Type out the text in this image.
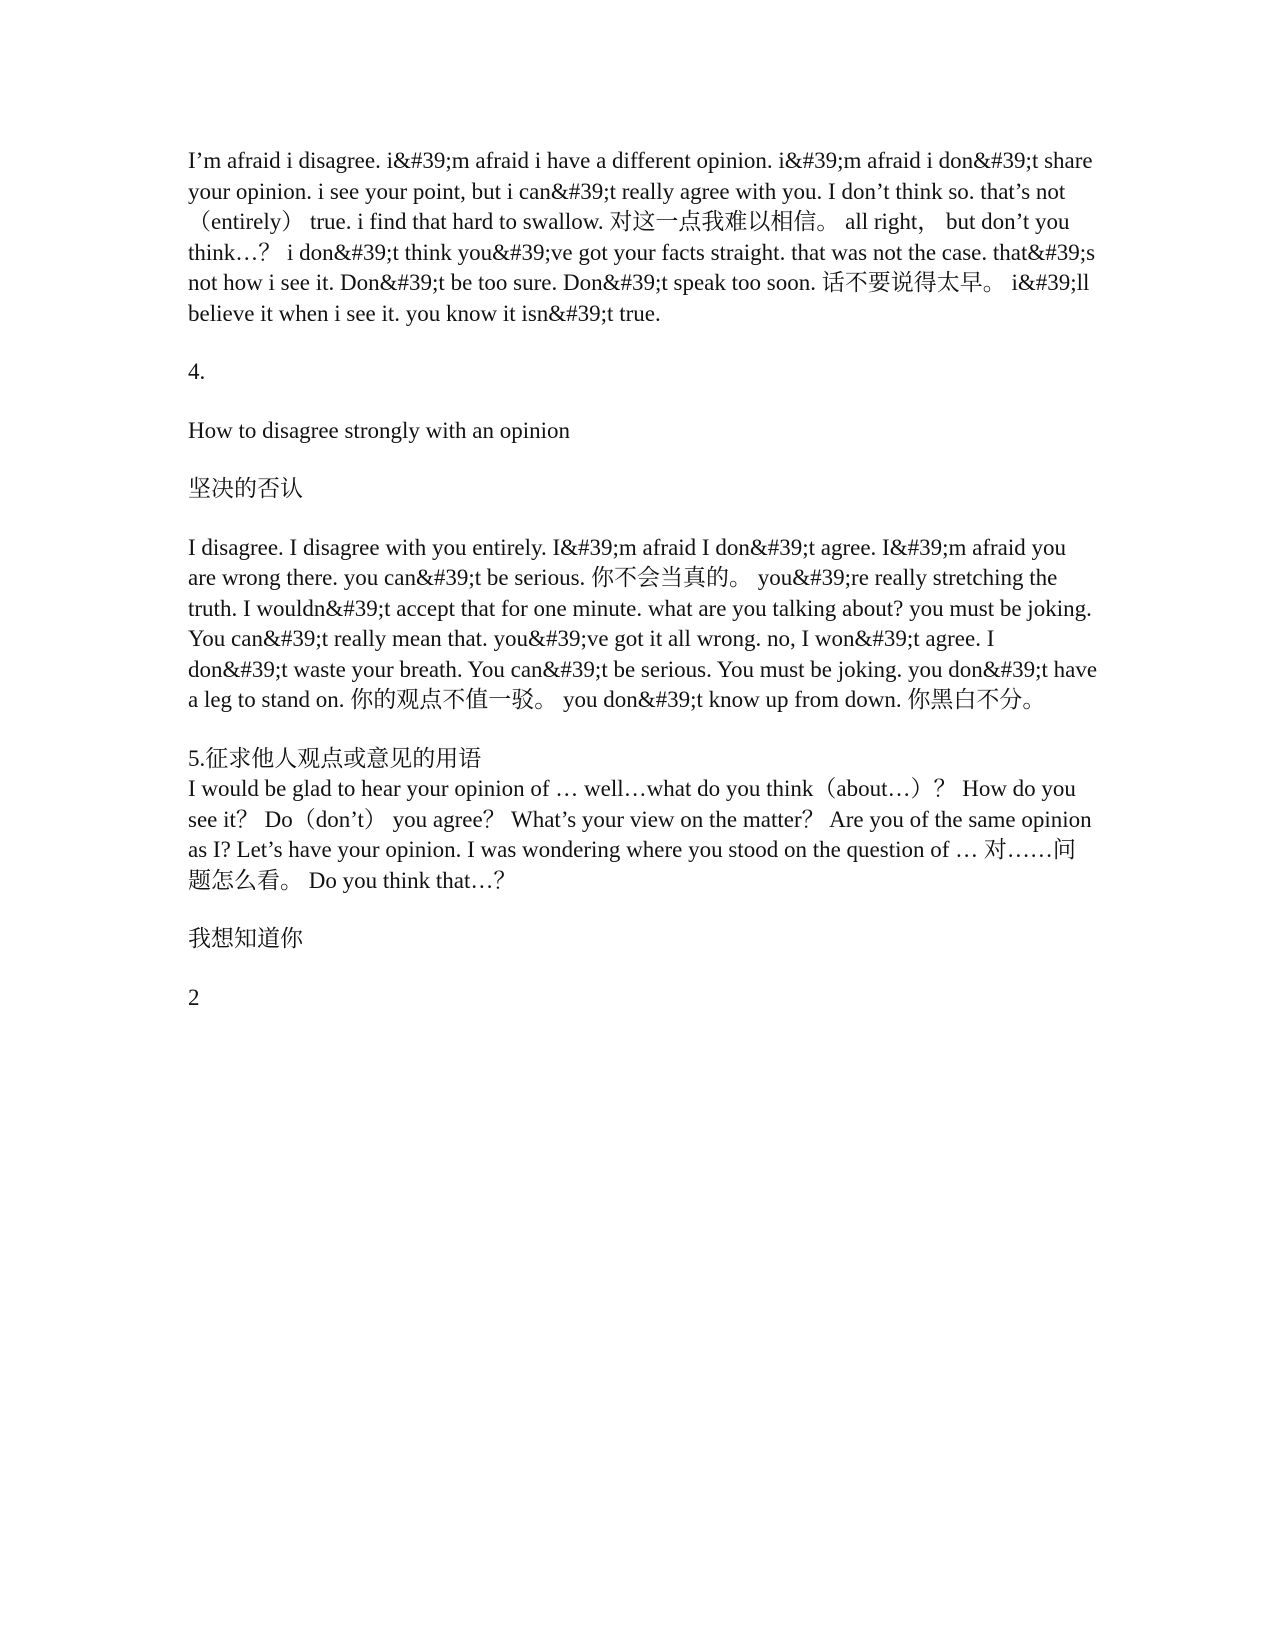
I’m afraid i disagree. i&#39;m afraid i have a different opinion. i&#39;m afraid i don&#39;t share your opinion. i see your point, but i can&#39;t really agree with you. I don’t think so. that’s not （entirely） true. i find that hard to swallow. 对这一点我难以相信。 all right， but don’t you think…？ i don&#39;t think you&#39;ve got your facts straight. that was not the case. that&#39;s not how i see it. Don&#39;t be too sure. Don&#39;t speak too soon. 话不要说得太早。 i&#39;ll believe it when i see it. you know it isn&#39;t true.

4.

How to disagree strongly with an opinion

坚决的否认

I disagree. I disagree with you entirely. I&#39;m afraid I don&#39;t agree. I&#39;m afraid you are wrong there. you can&#39;t be serious. 你不会当真的。 you&#39;re really stretching the truth. I wouldn&#39;t accept that for one minute. what are you talking about? you must be joking. You can&#39;t really mean that. you&#39;ve got it all wrong. no, I won&#39;t agree. I don&#39;t waste your breath. You can&#39;t be serious. You must be joking. you don&#39;t have a leg to stand on. 你的观点不值一驳。 you don&#39;t know up from down. 你黑白不分。

5.征求他人观点或意见的用语

I would be glad to hear your opinion of … well…what do you think（about…）？ How do you see it？ Do（don’t） you agree？ What’s your view on the matter？ Are you of the same opinion as I? Let’s have your opinion. I was wondering where you stood on the question of … 对……问题怎么看。 Do you think that…？

我想知道你

2
